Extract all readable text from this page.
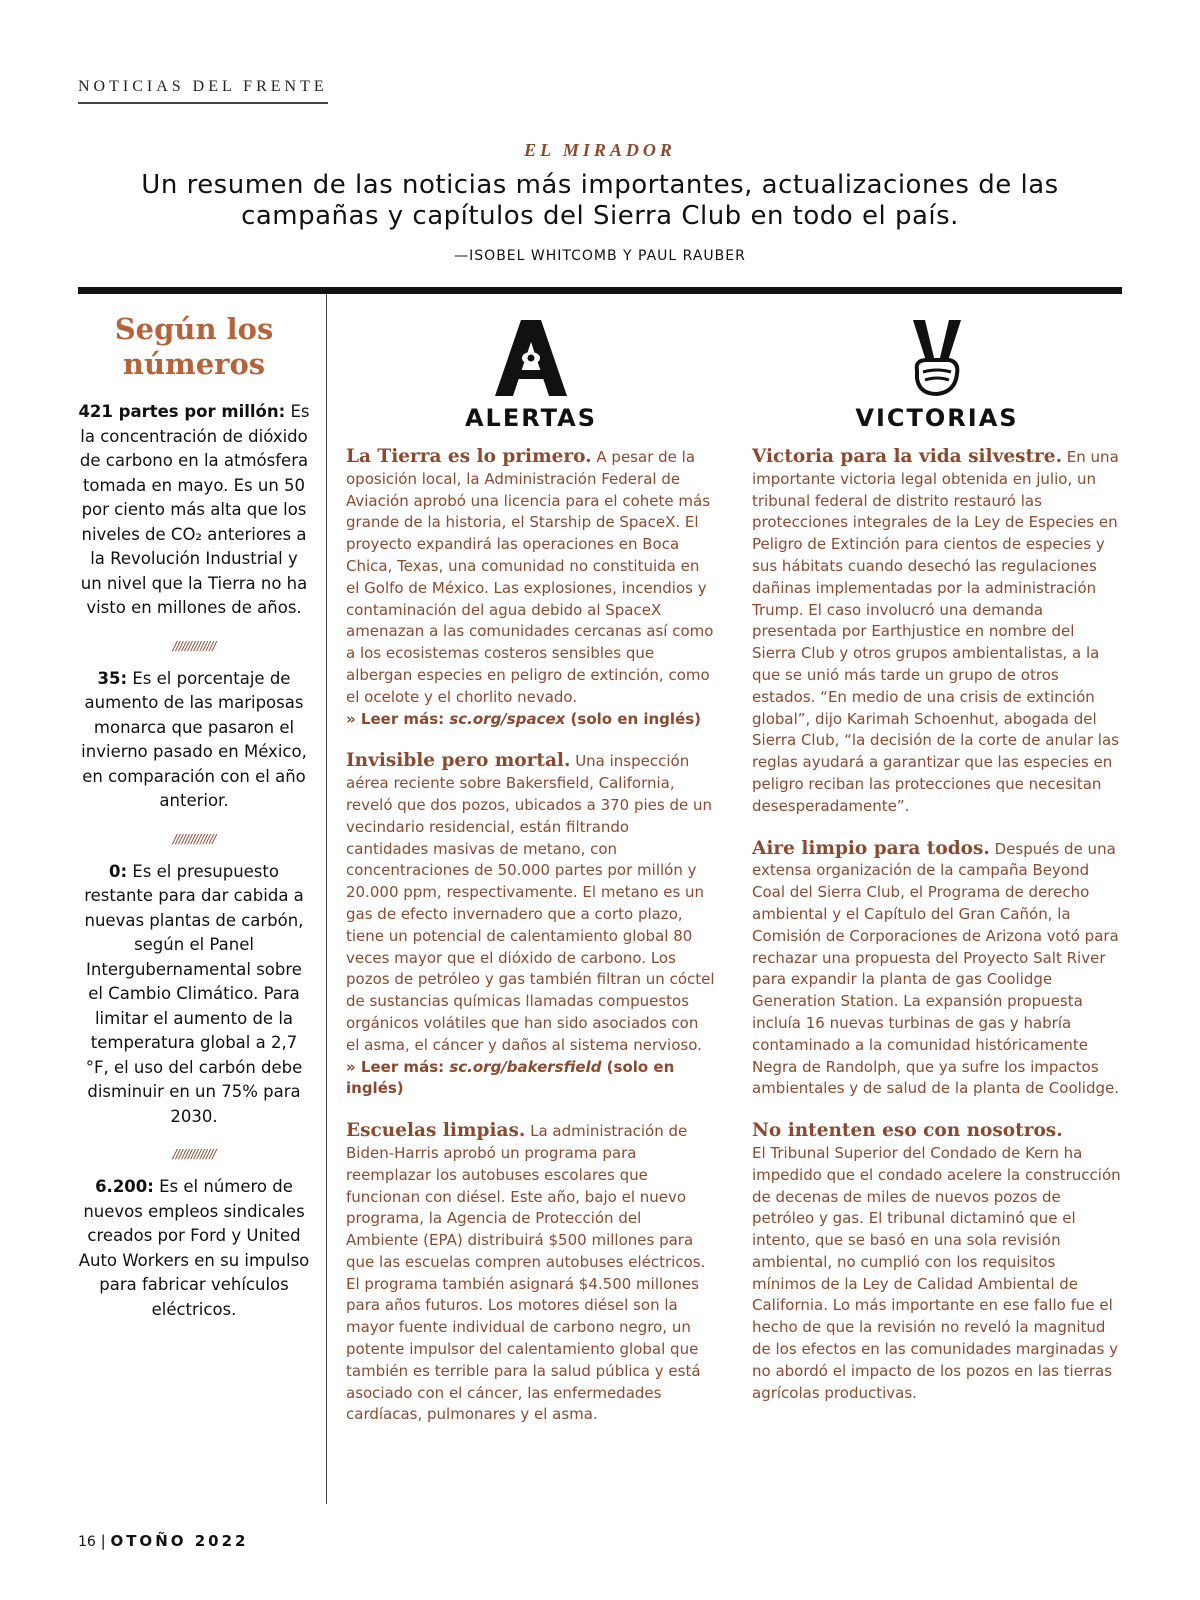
NOTICIAS DEL FRENTE
EL MIRADOR
Un resumen de las noticias más importantes, actualizaciones de las campañas y capítulos del Sierra Club en todo el país.
—ISOBEL WHITCOMB Y PAUL RAUBER
Según los números
421 partes por millón: Es la concentración de dióxido de carbono en la atmósfera tomada en mayo. Es un 50 por ciento más alta que los niveles de CO₂ anteriores a la Revolución Industrial y un nivel que la Tierra no ha visto en millones de años.
//////////////
35: Es el porcentaje de aumento de las mariposas monarca que pasaron el invierno pasado en México, en comparación con el año anterior.
//////////////
0: Es el presupuesto restante para dar cabida a nuevas plantas de carbón, según el Panel Intergubernamental sobre el Cambio Climático. Para limitar el aumento de la temperatura global a 2,7 °F, el uso del carbón debe disminuir en un 75% para 2030.
//////////////
6.200: Es el número de nuevos empleos sindicales creados por Ford y United Auto Workers en su impulso para fabricar vehículos eléctricos.
ALERTAS

La Tierra es lo primero. A pesar de la oposición local, la Administración Federal de Aviación aprobó una licencia para el cohete más grande de la historia, el Starship de SpaceX. El proyecto expandirá las operaciones en Boca Chica, Texas, una comunidad no constituida en el Golfo de México. Las explosiones, incendios y contaminación del agua debido al SpaceX amenazan a las comunidades cercanas así como a los ecosistemas costeros sensibles que albergan especies en peligro de extinción, como el ocelote y el chorlito nevado.
» Leer más: sc.org/spacex (solo en inglés)

Invisible pero mortal. Una inspección aérea reciente sobre Bakersfield, California, reveló que dos pozos, ubicados a 370 pies de un vecindario residencial, están filtrando cantidades masivas de metano, con concentraciones de 50.000 partes por millón y 20.000 ppm, respectivamente. El metano es un gas de efecto invernadero que a corto plazo, tiene un potencial de calentamiento global 80 veces mayor que el dióxido de carbono. Los pozos de petróleo y gas también filtran un cóctel de sustancias químicas llamadas compuestos orgánicos volátiles que han sido asociados con el asma, el cáncer y daños al sistema nervioso.
» Leer más: sc.org/bakersfield (solo en inglés)

Escuelas limpias. La administración de Biden-Harris aprobó un programa para reemplazar los autobuses escolares que funcionan con diésel. Este año, bajo el nuevo programa, la Agencia de Protección del Ambiente (EPA) distribuirá $500 millones para que las escuelas compren autobuses eléctricos. El programa también asignará $4.500 millones para años futuros. Los motores diésel son la mayor fuente individual de carbono negro, un potente impulsor del calentamiento global que también es terrible para la salud pública y está asociado con el cáncer, las enfermedades cardíacas, pulmonares y el asma.

VICTORIAS

Victoria para la vida silvestre. En una importante victoria legal obtenida en julio, un tribunal federal de distrito restauró las protecciones integrales de la Ley de Especies en Peligro de Extinción para cientos de especies y sus hábitats cuando desechó las regulaciones dañinas implementadas por la administración Trump. El caso involucró una demanda presentada por Earthjustice en nombre del Sierra Club y otros grupos ambientalistas, a la que se unió más tarde un grupo de otros estados. “En medio de una crisis de extinción global”, dijo Karimah Schoenhut, abogada del Sierra Club, “la decisión de la corte de anular las reglas ayudará a garantizar que las especies en peligro reciban las protecciones que necesitan desesperadamente”.

Aire limpio para todos. Después de una extensa organización de la campaña Beyond Coal del Sierra Club, el Programa de derecho ambiental y el Capítulo del Gran Cañón, la Comisión de Corporaciones de Arizona votó para rechazar una propuesta del Proyecto Salt River para expandir la planta de gas Coolidge Generation Station. La expansión propuesta incluía 16 nuevas turbinas de gas y habría contaminado a la comunidad históricamente Negra de Randolph, que ya sufre los impactos ambientales y de salud de la planta de Coolidge.

No intenten eso con nosotros.
El Tribunal Superior del Condado de Kern ha impedido que el condado acelere la construcción de decenas de miles de nuevos pozos de petróleo y gas. El tribunal dictaminó que el intento, que se basó en una sola revisión ambiental, no cumplió con los requisitos mínimos de la Ley de Calidad Ambiental de California. Lo más importante en ese fallo fue el hecho de que la revisión no reveló la magnitud de los efectos en las comunidades marginadas y no abordó el impacto de los pozos en las tierras agrícolas productivas.

16 | OTOÑO 2022
